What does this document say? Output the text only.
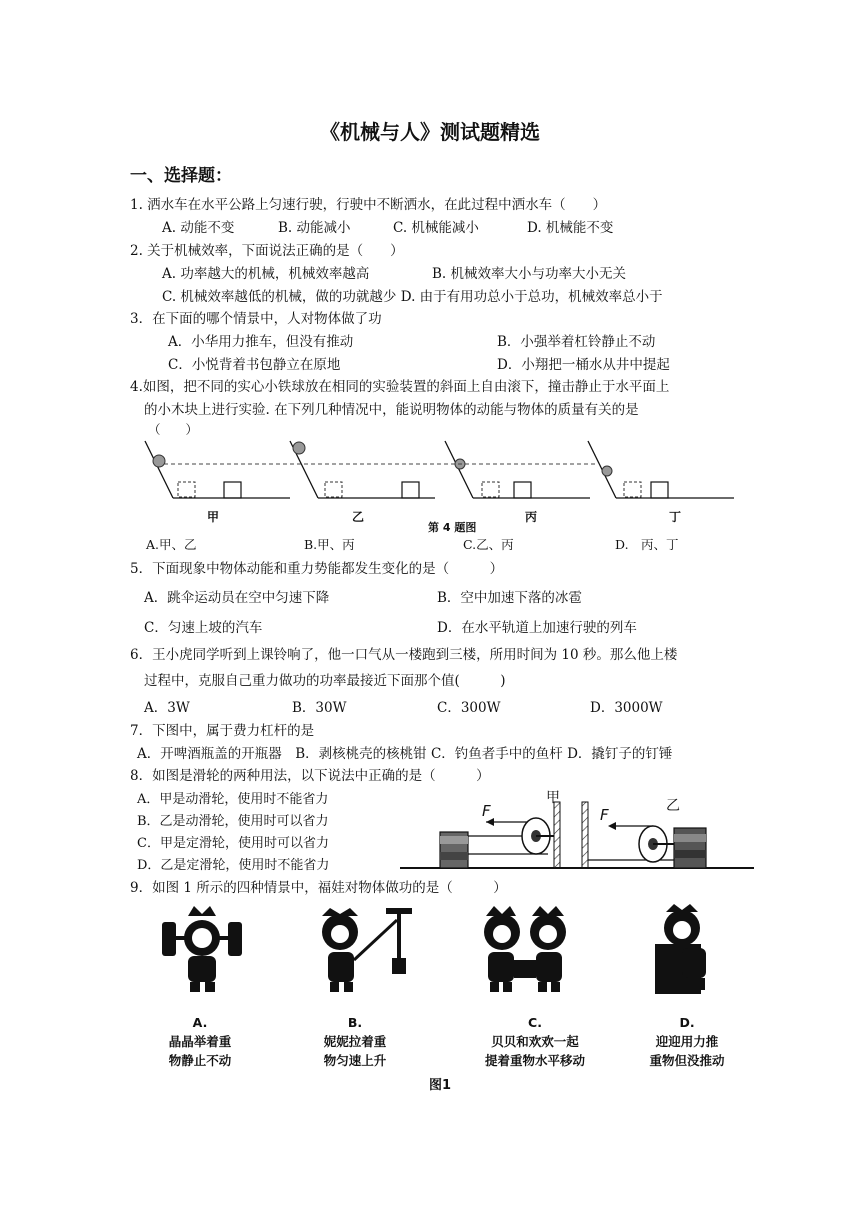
《机械与人》测试题精选
一、选择题：
1. 洒水车在水平公路上匀速行驶，行驶中不断洒水，在此过程中洒水车（　　）
A. 动能不变	B. 动能减小	C. 机械能减小	D. 机械能不变
2. 关于机械效率，下面说法正确的是（　　）
A. 功率越大的机械，机械效率越高	B. 机械效率大小与功率大小无关
C. 机械效率越低的机械，做的功就越少 D. 由于有用功总小于总功，机械效率总小于
3．在下面的哪个情景中，人对物体做了功
A．小华用力推车，但没有推动	B．小强举着杠铃静止不动
C．小悦背着书包静立在原地	D．小翔把一桶水从井中提起
4.如图，把不同的实心小铁球放在相同的实验装置的斜面上自由滚下，撞击静止于水平面上
的小木块上进行实验. 在下列几种情况中，能说明物体的动能与物体的质量有关的是
（　　）
甲	乙
第 4 题图
丙	丁
A.甲、乙	B.甲、丙	C.乙、丙	D.　丙、丁
5．下面现象中物体动能和重力势能都发生变化的是（　　　）
A．跳伞运动员在空中匀速下降	B．空中加速下落的冰雹
C．匀速上坡的汽车	D．在水平轨道上加速行驶的列车
6．王小虎同学听到上课铃响了，他一口气从一楼跑到三楼，所用时间为 10 秒。那么他上楼
过程中，克服自己重力做功的功率最接近下面那个值(　　　)
A．3W	B．30W	C．300W	D．3000W
7．下图中，属于费力杠杆的是
A．开啤酒瓶盖的开瓶器　B．剥核桃壳的核桃钳 C．钓鱼者手中的鱼杆 D．撬钉子的钉锤
8．如图是滑轮的两种用法，以下说法中正确的是（　　　）
A．甲是动滑轮，使用时不能省力
B．乙是动滑轮，使用时可以省力
C．甲是定滑轮，使用时可以省力
D．乙是定滑轮，使用时不能省力
F
甲
F	乙
9．如图 1 所示的四种情景中，福娃对物体做功的是（　　　）
A.
晶晶举着重
物静止不动
B.
妮妮拉着重
物匀速上升
C.
贝贝和欢欢一起
提着重物水平移动
D.
迎迎用力推
重物但没推动
图1
